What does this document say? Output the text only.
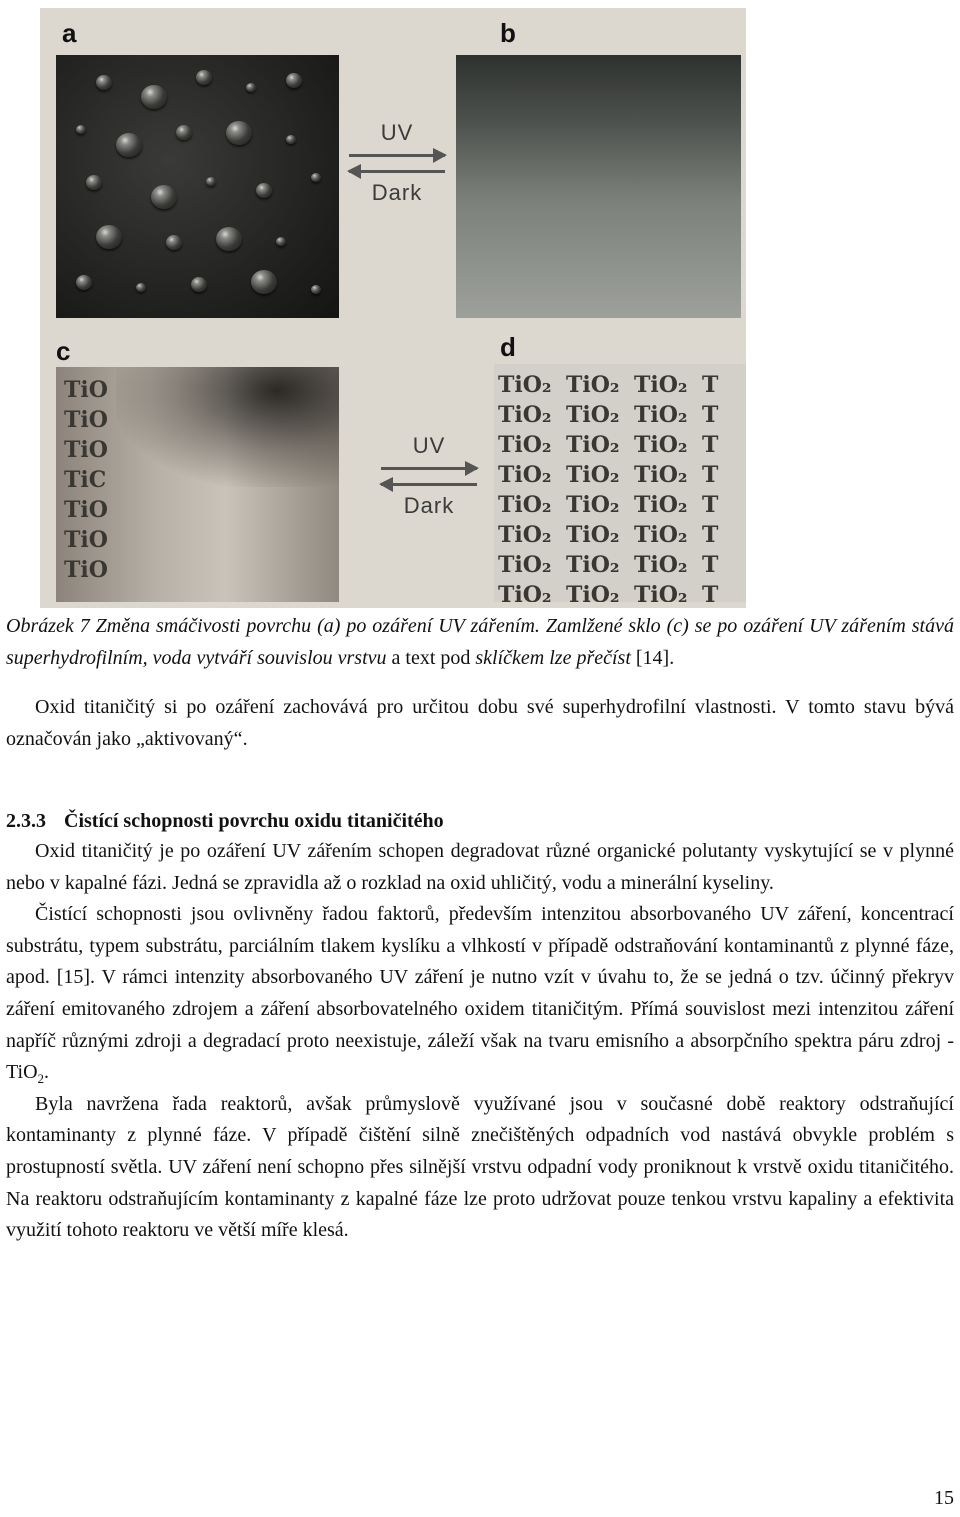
a	b
c	d
UV
Dark
TiO
TiO
TiO
TiC
TiO
TiO
TiO
UV
Dark
TiO₂ TiO₂ TiO₂ T
TiO₂ TiO₂ TiO₂ T
TiO₂ TiO₂ TiO₂ T
TiO₂ TiO₂ TiO₂ T
TiO₂ TiO₂ TiO₂ T
TiO₂ TiO₂ TiO₂ T
TiO₂ TiO₂ TiO₂ T
TiO₂ TiO₂ TiO₂ T
Obrázek 7 Změna smáčivosti povrchu (a) po ozáření UV zářením. Zamlžené sklo (c) se po ozáření UV zářením stává superhydrofilním, voda vytváří souvislou vrstvu a text pod sklíčkem lze přečíst [14].

Oxid titaničitý si po ozáření zachovává pro určitou dobu své superhydrofilní vlastnosti. V tomto stavu bývá označován jako „aktivovaný“.

2.3.3 Čistící schopnosti povrchu oxidu titaničitého

Oxid titaničitý je po ozáření UV zářením schopen degradovat různé organické polutanty vyskytující se v plynné nebo v kapalné fázi. Jedná se zpravidla až o rozklad na oxid uhličitý, vodu a minerální kyseliny.

Čistící schopnosti jsou ovlivněny řadou faktorů, především intenzitou absorbovaného UV záření, koncentrací substrátu, typem substrátu, parciálním tlakem kyslíku a vlhkostí v případě odstraňování kontaminantů z plynné fáze, apod. [15]. V rámci intenzity absorbovaného UV záření je nutno vzít v úvahu to, že se jedná o tzv. účinný překryv záření emitovaného zdrojem a záření absorbovatelného oxidem titaničitým. Přímá souvislost mezi intenzitou záření napříč různými zdroji a degradací proto neexistuje, záleží však na tvaru emisního a absorpčního spektra páru zdroj - TiO$_2$.

Byla navržena řada reaktorů, avšak průmyslově využívané jsou v současné době reaktory odstraňující kontaminanty z plynné fáze. V případě čištění silně znečištěných odpadních vod nastává obvykle problém s prostupností světla. UV záření není schopno přes silnější vrstvu odpadní vody proniknout k vrstvě oxidu titaničitého. Na reaktoru odstraňujícím kontaminanty z kapalné fáze lze proto udržovat pouze tenkou vrstvu kapaliny a efektivita využití tohoto reaktoru ve větší míře klesá.

15
